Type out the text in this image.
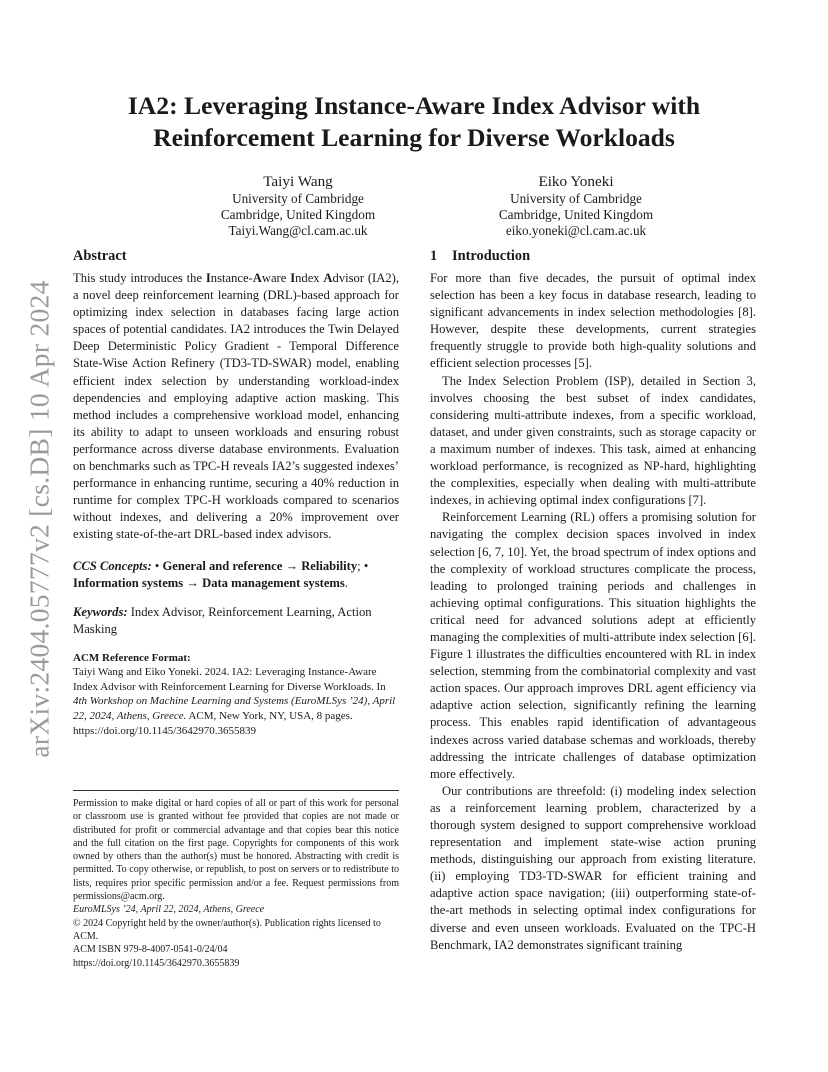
arXiv:2404.05777v2 [cs.DB] 10 Apr 2024
IA2: Leveraging Instance-Aware Index Advisor with
Reinforcement Learning for Diverse Workloads
Taiyi Wang
University of Cambridge
Cambridge, United Kingdom
Taiyi.Wang@cl.cam.ac.uk
Eiko Yoneki
University of Cambridge
Cambridge, United Kingdom
eiko.yoneki@cl.cam.ac.uk
Abstract

This study introduces the Instance-Aware Index Advisor (IA2), a novel deep reinforcement learning (DRL)-based approach for optimizing index selection in databases facing large action spaces of potential candidates. IA2 introduces the Twin Delayed Deep Deterministic Policy Gradient - Temporal Difference State-Wise Action Refinery (TD3-TD-SWAR) model, enabling efficient index selection by understanding workload-index dependencies and employing adaptive action masking. This method includes a comprehensive workload model, enhancing its ability to adapt to unseen workloads and ensuring robust performance across diverse database environments. Evaluation on benchmarks such as TPC-H reveals IA2’s suggested indexes’ performance in enhancing runtime, securing a 40% reduction in runtime for complex TPC-H workloads compared to scenarios without indexes, and delivering a 20% improvement over existing state-of-the-art DRL-based index advisors.

CCS Concepts: • General and reference → Reliability; • Information systems → Data management systems.

Keywords: Index Advisor, Reinforcement Learning, Action Masking

ACM Reference Format:
Taiyi Wang and Eiko Yoneki. 2024. IA2: Leveraging Instance-Aware Index Advisor with Reinforcement Learning for Diverse Workloads. In 4th Workshop on Machine Learning and Systems (EuroMLSys ’24), April 22, 2024, Athens, Greece. ACM, New York, NY, USA, 8 pages. https://doi.org/10.1145/3642970.3655839

Permission to make digital or hard copies of all or part of this work for personal or classroom use is granted without fee provided that copies are not made or distributed for profit or commercial advantage and that copies bear this notice and the full citation on the first page. Copyrights for components of this work owned by others than the author(s) must be honored. Abstracting with credit is permitted. To copy otherwise, or republish, to post on servers or to redistribute to lists, requires prior specific permission and/or a fee. Request permissions from permissions@acm.org.

EuroMLSys ’24, April 22, 2024, Athens, Greece
© 2024 Copyright held by the owner/author(s). Publication rights licensed to ACM.
ACM ISBN 979-8-4007-0541-0/24/04
https://doi.org/10.1145/3642970.3655839
1 Introduction

For more than five decades, the pursuit of optimal index selection has been a key focus in database research, leading to significant advancements in index selection methodologies [8]. However, despite these developments, current strategies frequently struggle to provide both high-quality solutions and efficient selection processes [5].

The Index Selection Problem (ISP), detailed in Section 3, involves choosing the best subset of index candidates, considering multi-attribute indexes, from a specific workload, dataset, and under given constraints, such as storage capacity or a maximum number of indexes. This task, aimed at enhancing workload performance, is recognized as NP-hard, highlighting the complexities, especially when dealing with multi-attribute indexes, in achieving optimal index configurations [7].

Reinforcement Learning (RL) offers a promising solution for navigating the complex decision spaces involved in index selection [6, 7, 10]. Yet, the broad spectrum of index options and the complexity of workload structures complicate the process, leading to prolonged training periods and challenges in achieving optimal configurations. This situation highlights the critical need for advanced solutions adept at efficiently managing the complexities of multi-attribute index selection [6]. Figure 1 illustrates the difficulties encountered with RL in index selection, stemming from the combinatorial complexity and vast action spaces. Our approach improves DRL agent efficiency via adaptive action selection, significantly refining the learning process. This enables rapid identification of advantageous indexes across varied database schemas and workloads, thereby addressing the intricate challenges of database optimization more effectively.

Our contributions are threefold: (i) modeling index selection as a reinforcement learning problem, characterized by a thorough system designed to support comprehensive workload representation and implement state-wise action pruning methods, distinguishing our approach from existing literature. (ii) employing TD3-TD-SWAR for efficient training and adaptive action space navigation; (iii) outperforming state-of-the-art methods in selecting optimal index configurations for diverse and even unseen workloads. Evaluated on the TPC-H Benchmark, IA2 demonstrates significant training
